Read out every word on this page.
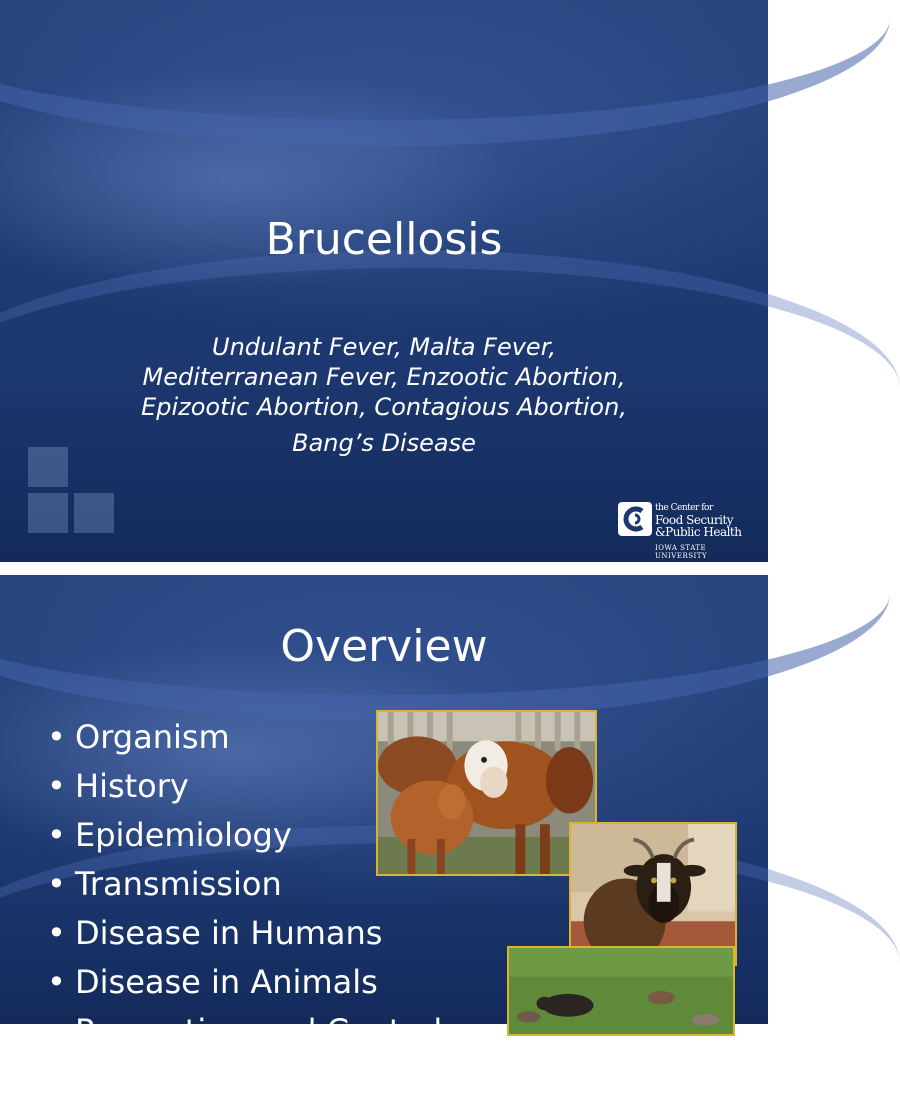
Brucellosis
Undulant Fever, Malta Fever,
Mediterranean Fever, Enzootic Abortion,
Epizootic Abortion, Contagious Abortion,
Bang’s Disease
the Center for
Food Security
&Public Health
IOWA STATE UNIVERSITY
Overview
• Organism
• History
• Epidemiology
• Transmission
• Disease in Humans
• Disease in Animals
• Prevention and Control
